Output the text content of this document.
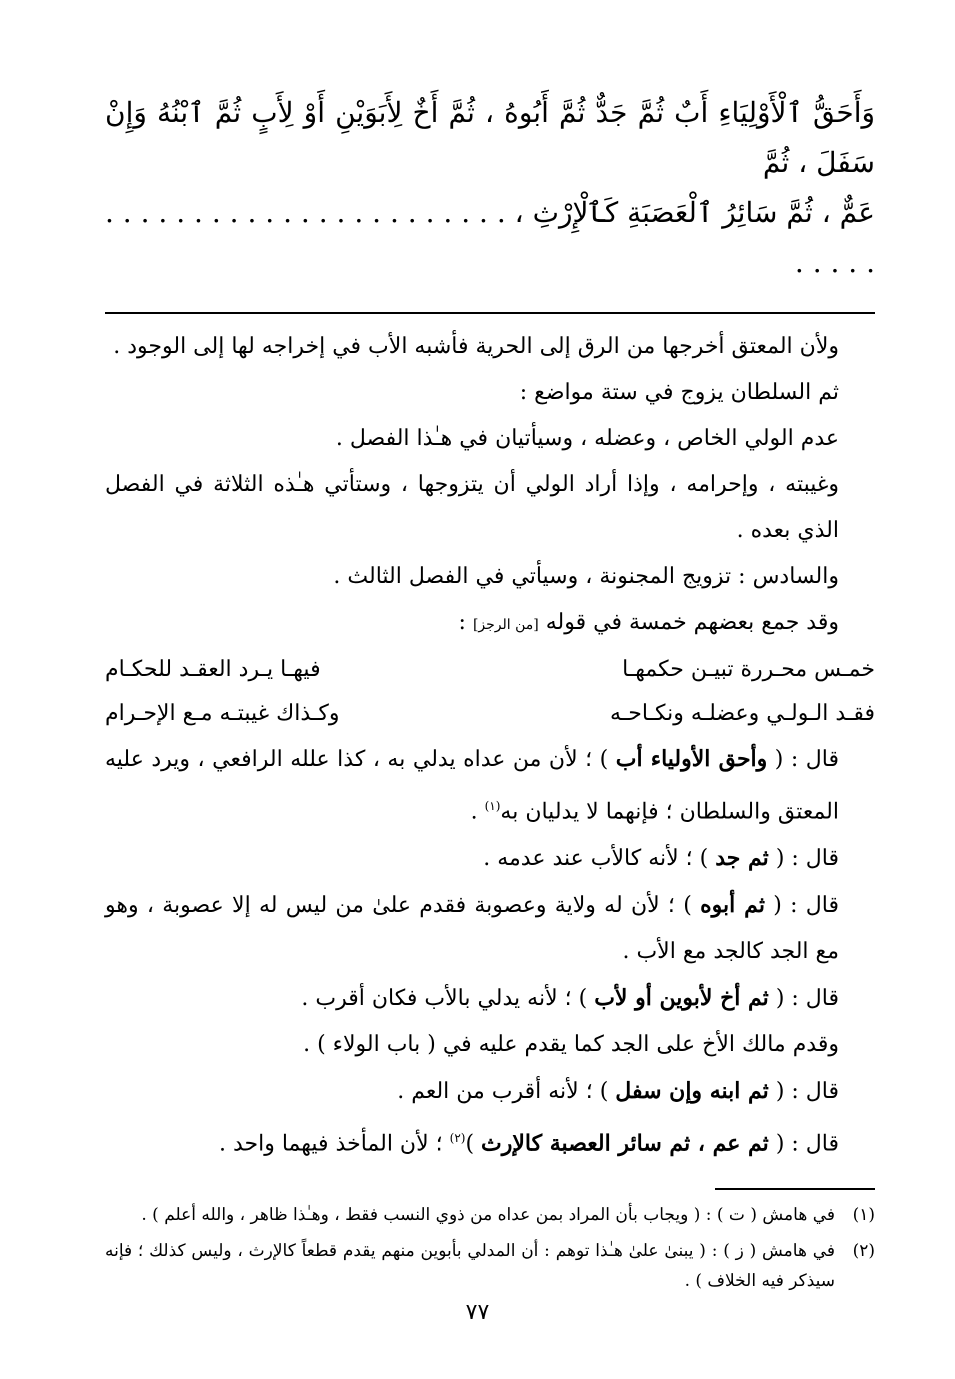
وَأَحَقُّ ٱلْأَوْلِيَاءِ أَبٌ ثُمَّ جَدٌّ ثُمَّ أَبُوهُ ، ثُمَّ أَخٌ لِأَبَوَيْنِ أَوْ لِأَبٍ ثُمَّ ٱبْنُهُ وَإِنْ سَفَلَ ، ثُمَّ

عَمٌّ ، ثُمَّ سَائِرُ ٱلْعَصَبَةِ كَٱلْإِرْثِ ، . . . . . . . . . . . . . . . . . . . . . . . . . . . .

ولأن المعتق أخرجها من الرق إلى الحرية فأشبه الأب في إخراجه لها إلى الوجود .

ثم السلطان يزوج في ستة مواضع :

عدم الولي الخاص ، وعضله ، وسيأتيان في هـٰذا الفصل .

وغيبته ، وإحرامه ، وإذا أراد الولي أن يتزوجها ، وستأتي هـٰذه الثلاثة في الفصل الذي بعده .

والسادس : تزويج المجنونة ، وسيأتي في الفصل الثالث .

وقد جمع بعضهم خمسة في قوله [من الرجز] :

خمـس محـررة تبيـن حكمهـا
فيهـا يـرد العقـد للحكـام
فقـد الـولـي وعضلـه ونكـاحـه
وكـذاك غيبتـه مـع الإحـرام

قال : ( وأحق الأولياء أب ) ؛ لأن من عداه يدلي به ، كذا علله الرافعي ، ويرد عليه المعتق والسلطان ؛ فإنهما لا يدليان به$^{(١)}$ .

قال : ( ثم جد ) ؛ لأنه كالأب عند عدمه .

قال : ( ثم أبوه ) ؛ لأن له ولاية وعصوبة فقدم علىٰ من ليس له إلا عصوبة ، وهو مع الجد كالجد مع الأب .

قال : ( ثم أخ لأبوين أو لأب ) ؛ لأنه يدلي بالأب فكان أقرب .

وقدم مالك الأخ على الجد كما يقدم عليه في ( باب الولاء ) .

قال : ( ثم ابنه وإن سفل ) ؛ لأنه أقرب من العم .

قال : ( ثم عم ، ثم سائر العصبة كالإرث )$^{(٢)}$ ؛ لأن المأخذ فيهما واحد .

(١)
في هامش ( ت ) : ( ويجاب بأن المراد بمن عداه من ذوي النسب فقط ، وهـٰذا ظاهر ، والله أعلم ) .
(٢)
في هامش ( ز ) : ( يبنىٰ علىٰ هـٰذا توهم : أن المدلي بأبوين منهم يقدم قطعاً كالإرث ، وليس كذلك ؛ فإنه سيذكر فيه الخلاف ) .
٧٧
